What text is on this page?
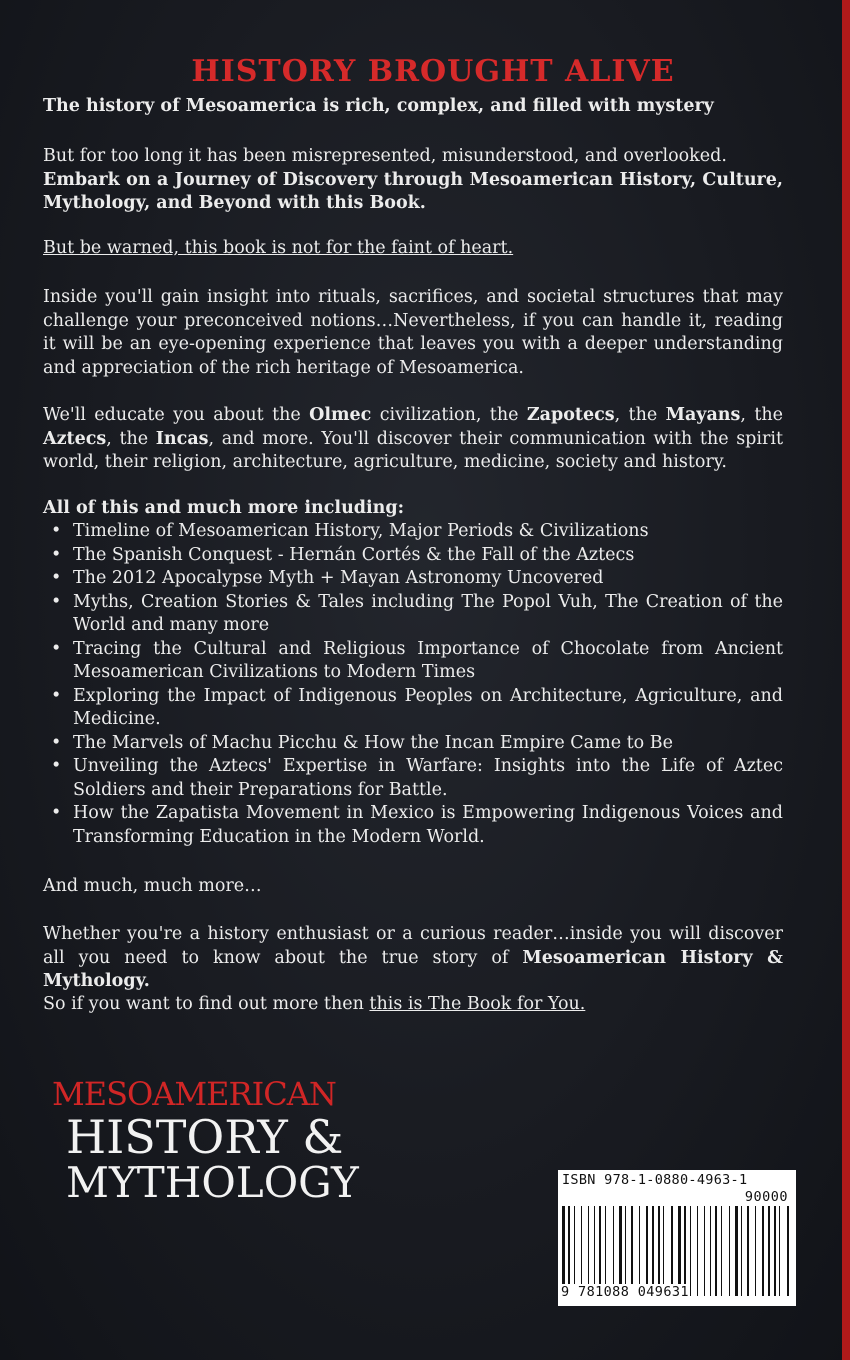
HISTORY BROUGHT ALIVE

The history of Mesoamerica is rich, complex, and filled with mystery

But for too long it has been misrepresented, misunderstood, and overlooked.

Embark on a Journey of Discovery through Mesoamerican History, Culture, Mythology, and Beyond with this Book.

But be warned, this book is not for the faint of heart.

Inside you'll gain insight into rituals, sacrifices, and societal structures that may challenge your preconceived notions…Nevertheless, if you can handle it, reading it will be an eye-opening experience that leaves you with a deeper understanding and appreciation of the rich heritage of Mesoamerica.

We'll educate you about the Olmec civilization, the Zapotecs, the Mayans, the Aztecs, the Incas, and more. You'll discover their communication with the spirit world, their religion, architecture, agriculture, medicine, society and history.

All of this and much more including:

• Timeline of Mesoamerican History, Major Periods & Civilizations
• The Spanish Conquest - Hernán Cortés & the Fall of the Aztecs
• The 2012 Apocalypse Myth + Mayan Astronomy Uncovered
• Myths, Creation Stories & Tales including The Popol Vuh, The Creation of the World and many more
• Tracing the Cultural and Religious Importance of Chocolate from Ancient Mesoamerican Civilizations to Modern Times
• Exploring the Impact of Indigenous Peoples on Architecture, Agriculture, and Medicine.
• The Marvels of Machu Picchu & How the Incan Empire Came to Be
• Unveiling the Aztecs' Expertise in Warfare: Insights into the Life of Aztec Soldiers and their Preparations for Battle.
• How the Zapatista Movement in Mexico is Empowering Indigenous Voices and Transforming Education in the Modern World.

And much, much more…

Whether you're a history enthusiast or a curious reader…inside you will discover all you need to know about the true story of Mesoamerican History & Mythology.

So if you want to find out more then this is The Book for You.

MESOAMERICAN
HISTORY &
MYTHOLOGY	ISBN 978-1-0880-4963-1
90000
9 781088 049631
